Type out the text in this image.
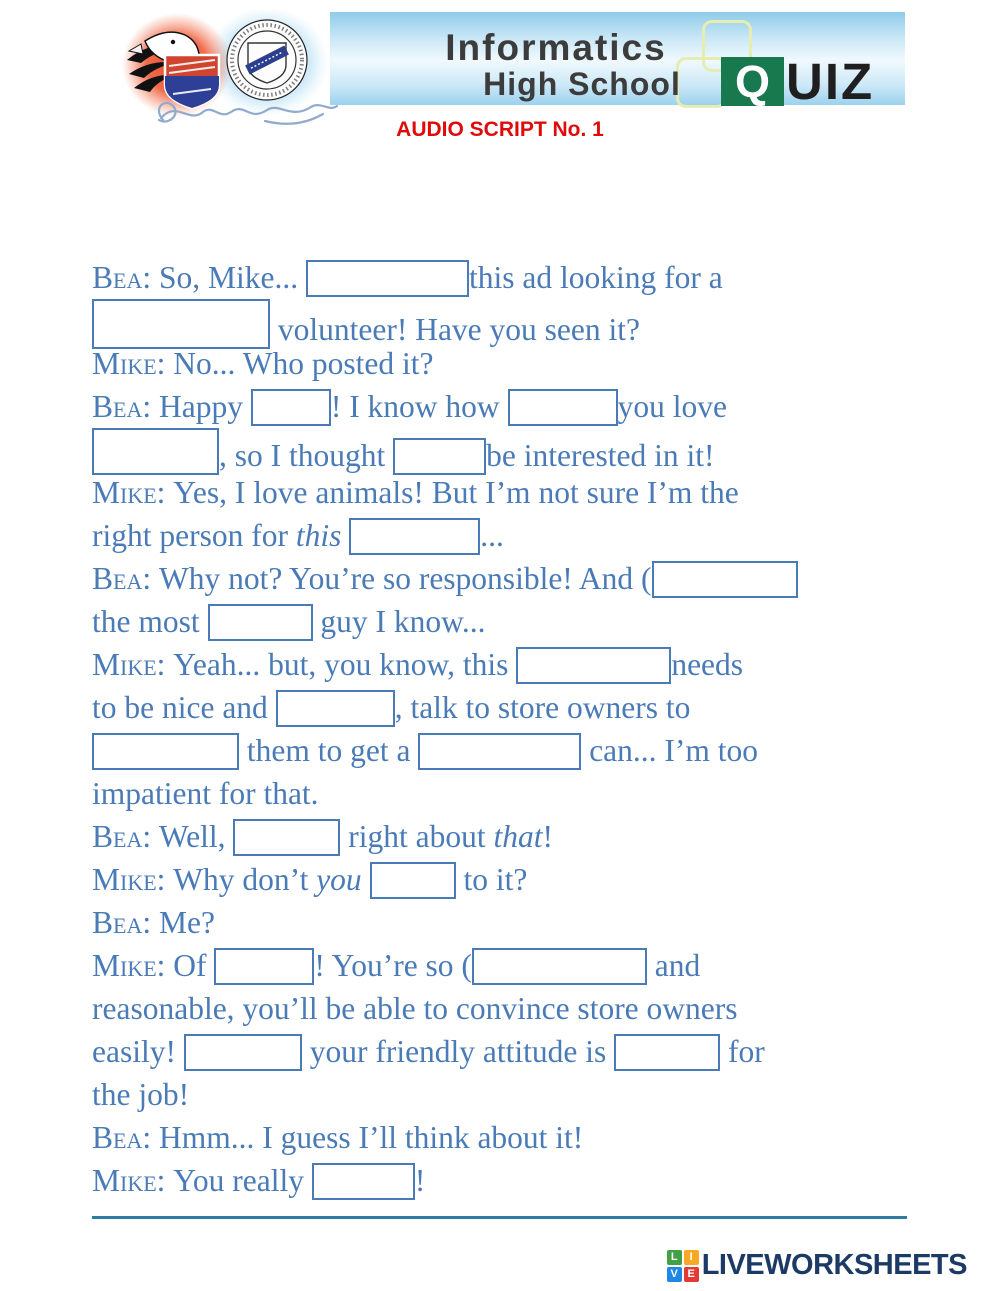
Informatics
High School	Q UIZ
AUDIO SCRIPT No. 1
Bea: So, Mike...	this ad looking for a
volunteer! Have you seen it?
Mike: No... Who posted it?
Bea: Happy	! I know how	you love
, so I thought	be interested in it!
Mike: Yes, I love animals! But I’m not sure I’m the
right person for this	...
Bea: Why not? You’re so responsible! And (
the most	guy I know...
Mike: Yeah... but, you know, this	needs
to be nice and	, talk to store owners to
them to get a	can... I’m too
impatient for that.
Bea: Well,	right about that!
Mike: Why don’t you	to it?
Bea: Me?
Mike: Of	! You’re so (	and
reasonable, you’ll be able to convince store owners
easily!	your friendly attitude is	for
the job!
Bea: Hmm... I guess I’ll think about it!
Mike: You really	!
L	I
V E LIVEWORKSHEETS
